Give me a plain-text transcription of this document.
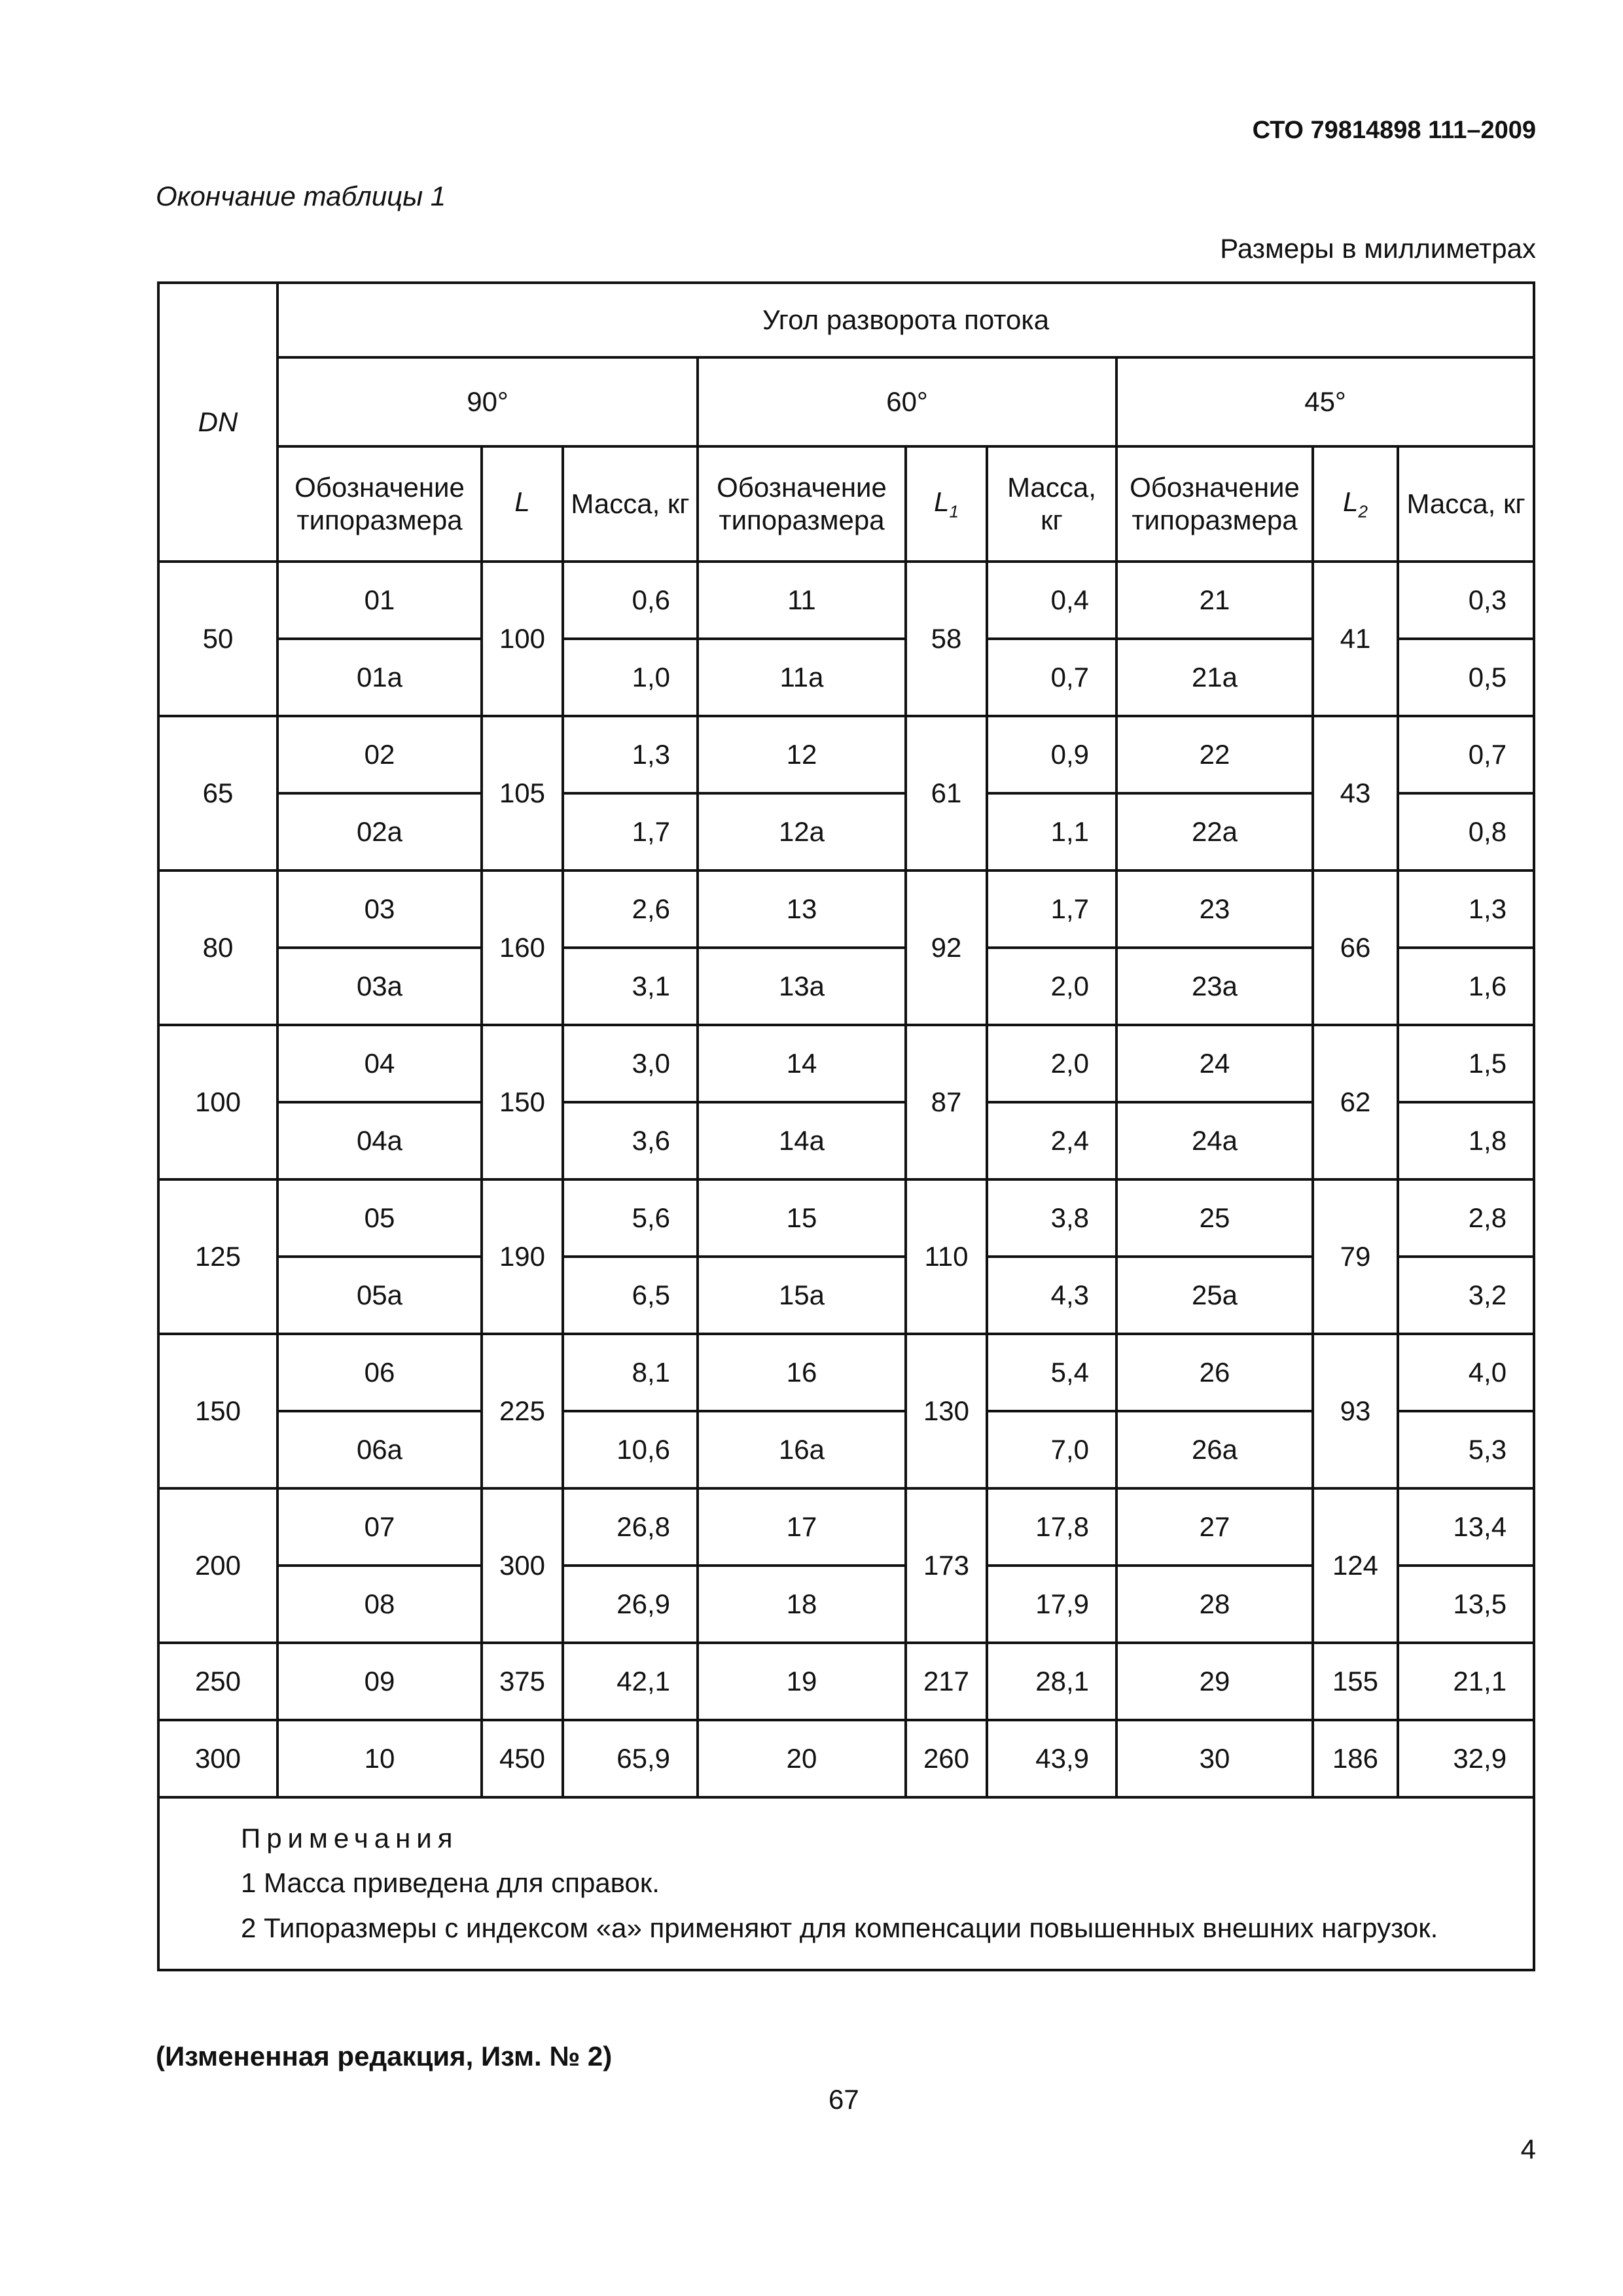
СТО 79814898 111–2009
Окончание таблицы 1
Размеры в миллиметрах
DN	Угол разворота потока								
	90°			60°			45°		
	Обозначение типоразмера	L	Масса, кг	Обозначение типоразмера	$L_1$	Масса, кг	Обозначение типоразмера	$L_2$	Масса, кг
50	01	100	0,6	11	58	0,4	21	41	0,3
	01а		1,0	11а		0,7	21а		0,5
65	02	105	1,3	12	61	0,9	22	43	0,7
	02а		1,7	12а		1,1	22а		0,8
80	03	160	2,6	13	92	1,7	23	66	1,3
	03а		3,1	13а		2,0	23а		1,6
100	04	150	3,0	14	87	2,0	24	62	1,5
	04а		3,6	14а		2,4	24а		1,8
125	05	190	5,6	15	110	3,8	25	79	2,8
	05а		6,5	15а		4,3	25а		3,2
150	06	225	8,1	16	130	5,4	26	93	4,0
	06а		10,6	16а		7,0	26а		5,3
200	07	300	26,8	17	173	17,8	27	124	13,4
	08		26,9	18		17,9	28		13,5
250	09	375	42,1	19	217	28,1	29	155	21,1
300	10	450	65,9	20	260	43,9	30	186	32,9

Примечания

1 Масса приведена для справок.

2 Типоразмеры с индексом «а» применяют для компенсации повышенных внешних нагрузок.									

(Измененная редакция, Изм. № 2)
67
4
